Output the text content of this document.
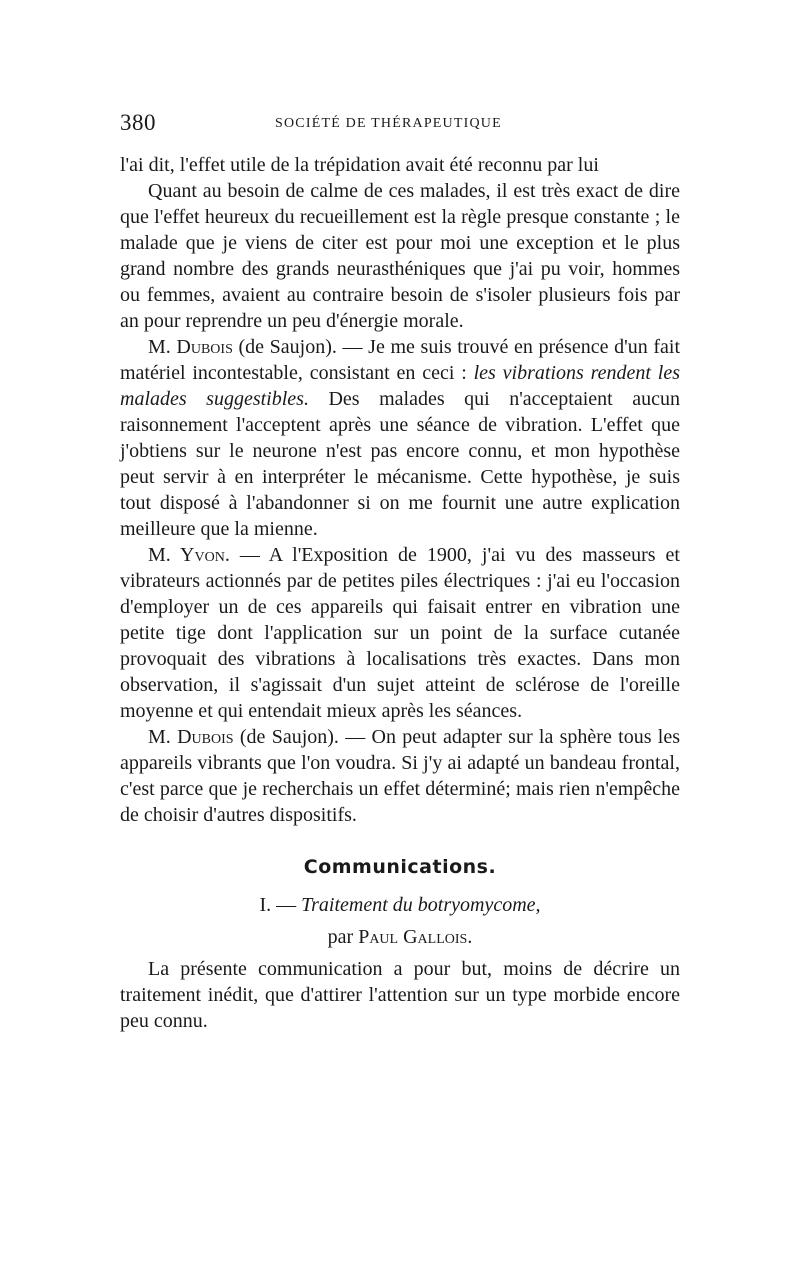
380	SOCIÉTÉ DE THÉRAPEUTIQUE

l'ai dit, l'effet utile de la trépidation avait été reconnu par lui

Quant au besoin de calme de ces malades, il est très exact de dire que l'effet heureux du recueillement est la règle presque constante ; le malade que je viens de citer est pour moi une exception et le plus grand nombre des grands neurasthéniques que j'ai pu voir, hommes ou femmes, avaient au contraire besoin de s'isoler plusieurs fois par an pour reprendre un peu d'énergie morale.

M. Dubois (de Saujon). — Je me suis trouvé en présence d'un fait matériel incontestable, consistant en ceci : les vibrations rendent les malades suggestibles. Des malades qui n'acceptaient aucun raisonnement l'acceptent après une séance de vibration. L'effet que j'obtiens sur le neurone n'est pas encore connu, et mon hypothèse peut servir à en interpréter le mécanisme. Cette hypothèse, je suis tout disposé à l'abandonner si on me fournit une autre explication meilleure que la mienne.

M. Yvon. — A l'Exposition de 1900, j'ai vu des masseurs et vibrateurs actionnés par de petites piles électriques : j'ai eu l'occasion d'employer un de ces appareils qui faisait entrer en vibration une petite tige dont l'application sur un point de la surface cutanée provoquait des vibrations à localisations très exactes. Dans mon observation, il s'agissait d'un sujet atteint de sclérose de l'oreille moyenne et qui entendait mieux après les séances.

M. Dubois (de Saujon). — On peut adapter sur la sphère tous les appareils vibrants que l'on voudra. Si j'y ai adapté un bandeau frontal, c'est parce que je recherchais un effet déterminé; mais rien n'empêche de choisir d'autres dispositifs.

Communications.
I. — Traitement du botryomycome,
par Paul Gallois.

La présente communication a pour but, moins de décrire un traitement inédit, que d'attirer l'attention sur un type morbide encore peu connu.
